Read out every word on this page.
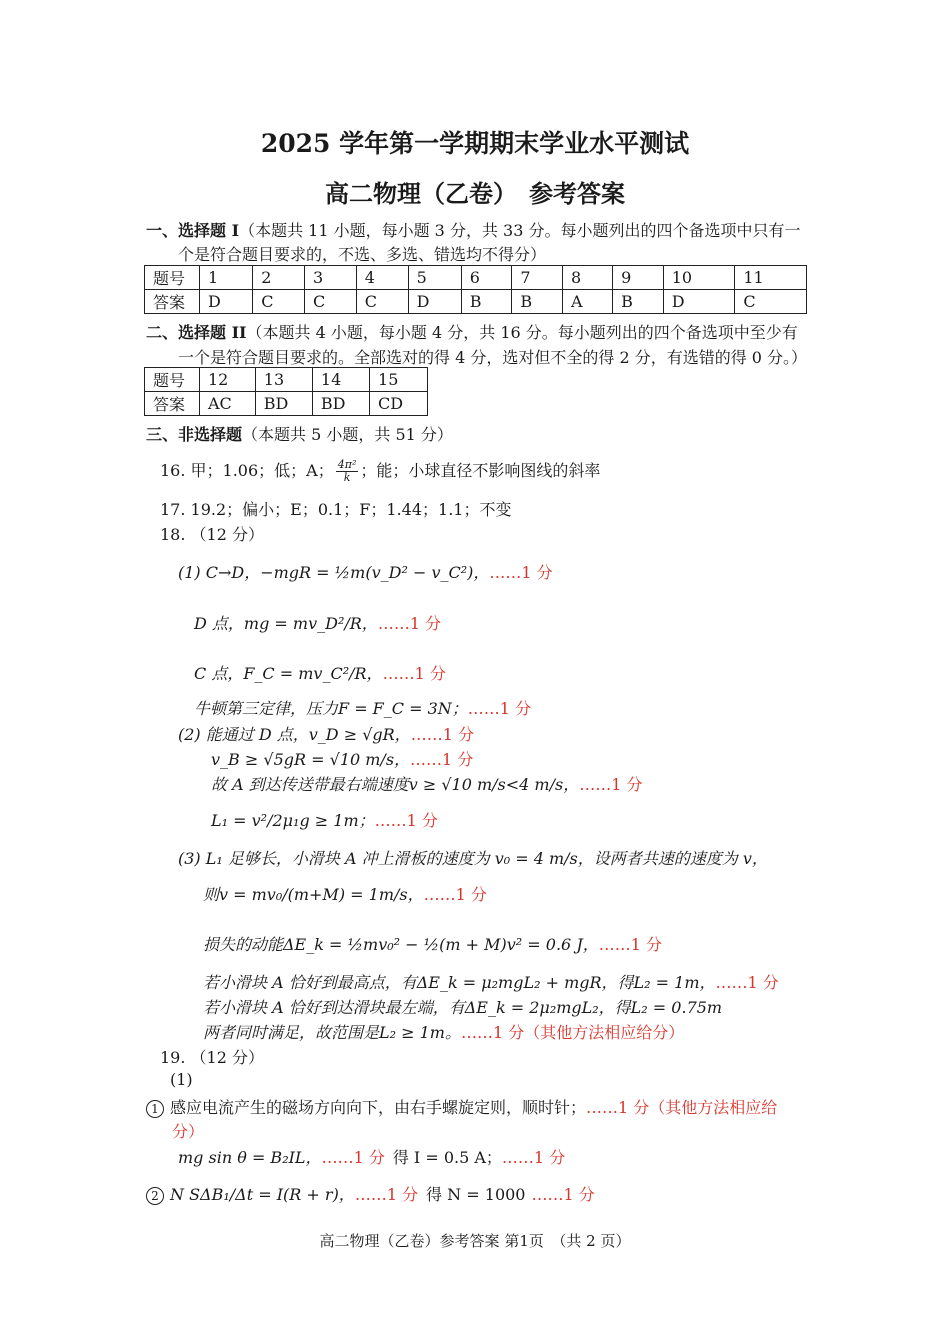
2025 学年第一学期期末学业水平测试
高二物理（乙卷）　参考答案
一、选择题 I（本题共 11 小题，每小题 3 分，共 33 分。每小题列出的四个备选项中只有一
个是符合题目要求的，不选、多选、错选均不得分）
题号	1	2	3	4	5	6	7	8	9	10	11
答案	D	C	C	C	D	B	B	A	B	D	C
二、选择题 II（本题共 4 小题，每小题 4 分，共 16 分。每小题列出的四个备选项中至少有
一个是符合题目要求的。全部选对的得 4 分，选对但不全的得 2 分，有选错的得 0 分。）
题号	12	13	14	15
答案	AC	BD	BD	CD
三、非选择题（本题共 5 小题，共 51 分）
16. 甲；1.06；低；A； $\frac{\text{4π²}}{k}$ ；能；小球直径不影响图线的斜率
17. 19.2；偏小；E；0.1；F；1.44；1.1；不变
18. （12 分）
(1) C→D，−mgR = ½m(v_D² − v_C²)，……1 分
D 点，mg = mv_D²/R，……1 分
C 点，F_C = mv_C²/R，……1 分
牛顿第三定律，压力F = F_C = 3N；……1 分
(2) 能通过 D 点，v_D ≥ √gR，……1 分
v_B ≥ √5gR = √10 m/s，……1 分
故 A 到达传送带最右端速度v ≥ √10 m/s<4 m/s，……1 分
L₁ = v²/2μ₁g ≥ 1m；……1 分
(3) L₁ 足够长，小滑块 A 冲上滑板的速度为 v₀ = 4 m/s，设两者共速的速度为 v，
则v = mv₀/(m+M) = 1m/s，……1 分
损失的动能ΔE_k = ½mv₀² − ½(m + M)v² = 0.6 J，……1 分
若小滑块 A 恰好到最高点，有ΔE_k = μ₂mgL₂ + mgR，得L₂ = 1m，……1 分
若小滑块 A 恰好到达滑块最左端，有ΔE_k = 2μ₂mgL₂，得L₂ = 0.75m
两者同时满足，故范围是L₂ ≥ 1m。……1 分（其他方法相应给分）
19. （12 分）
(1)
1 感应电流产生的磁场方向向下，由右手螺旋定则，顺时针；……1 分（其他方法相应给
分）
mg sin θ = B₂IL，……1 分 得 I = 0.5 A；……1 分
2 N SΔB₁/Δt = I(R + r)，……1 分 得 N = 1000 ……1 分
高二物理（乙卷）参考答案 第1页　（共 2 页）
